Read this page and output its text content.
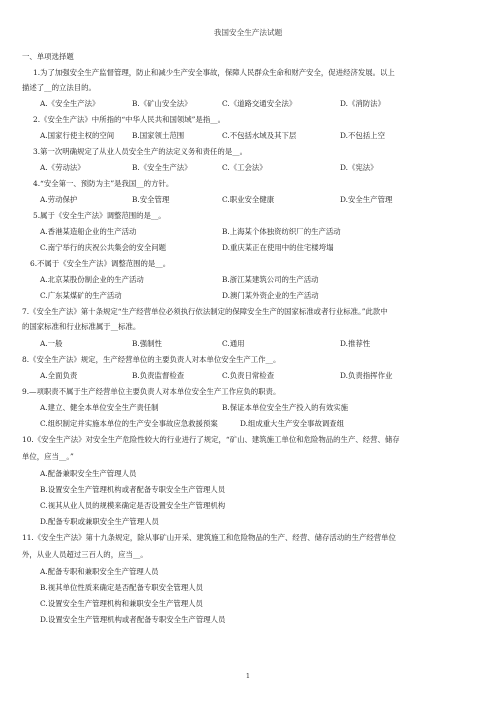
我国安全生产法试题
一、单项选择题
1.为了加强安全生产监督管理，防止和减少生产安全事故，保障人民群众生命和财产安全，促进经济发展。以上
描述了__的立法目的。
A.《安全生产法》	B.《矿山安全法》	C.《道路交通安全法》	D.《消防法》
2.《安全生产法》中所指的“中华人民共和国领域”是指__。
A.国家行使主权的空间 B.国家领土范围	C.不包括水域及其下层	D.不包括上空
3.第一次明确规定了从业人员安全生产的法定义务和责任的是__。
A.《劳动法》	B.《安全生产法》	C.《工会法》	D.《宪法》
4.“安全第一、预防为主”是我国__的方针。
A.劳动保护	B.安全管理	C.职业安全健康	D.安全生产管理
5.属于《安全生产法》调整范围的是__。
A.香港某造船企业的生产活动	B.上海某个体独资纺织厂的生产活动
C.南宁举行的庆祝公共集会的安全问题	D.重庆某正在使用中的住宅楼垮塌
6.不属于《安全生产法》调整范围的是__。
A.北京某股份制企业的生产活动	B.浙江某建筑公司的生产活动
C.广东某煤矿的生产活动	D.澳门某外资企业的生产活动
7.《安全生产法》第十条规定“生产经营单位必须执行依法制定的保障安全生产的国家标准或者行业标准。”此款中
的国家标准和行业标准属于__标准。
A.一般	B.强制性	C.通用	D.推荐性
8.《安全生产法》规定，生产经营单位的主要负责人对本单位安全生产工作__。
A.全面负责	B.负责监督检查	C.负责日常检查	D.负责指挥作业
9.—项职责不属于生产经营单位主要负责人对本单位安全生产工作应负的职责。
A.建立、健全本单位安全生产责任制	B.保证本单位安全生产投入的有效实施
C.组织制定并实施本单位的生产安全事故应急救援预案	D.组成重大生产安全事故调查组
10.《安全生产法》对安全生产危险性较大的行业进行了规定，“矿山、建筑施工单位和危险物品的生产、经营、储存
单位，应当__。”
A.配备兼职安全生产管理人员
B.设置安全生产管理机构或者配备专职安全生产管理人员
C.视其从业人员的规模来确定是否设置安全生产管理机构
D.配备专职或兼职安全生产管理人员
11.《安全生产法》第十九条规定，除从事矿山开采、建筑施工和危险物品的生产、经营、储存活动的生产经营单位
外，从业人员超过三百人的，应当__。
A.配备专职和兼职安全生产管理人员
B.视其单位性质来确定是否配备专职安全管理人员
C.设置安全生产管理机构和兼职安全生产管理人员
D.设置安全生产管理机构或者配备专职安全生产管理人员
1
